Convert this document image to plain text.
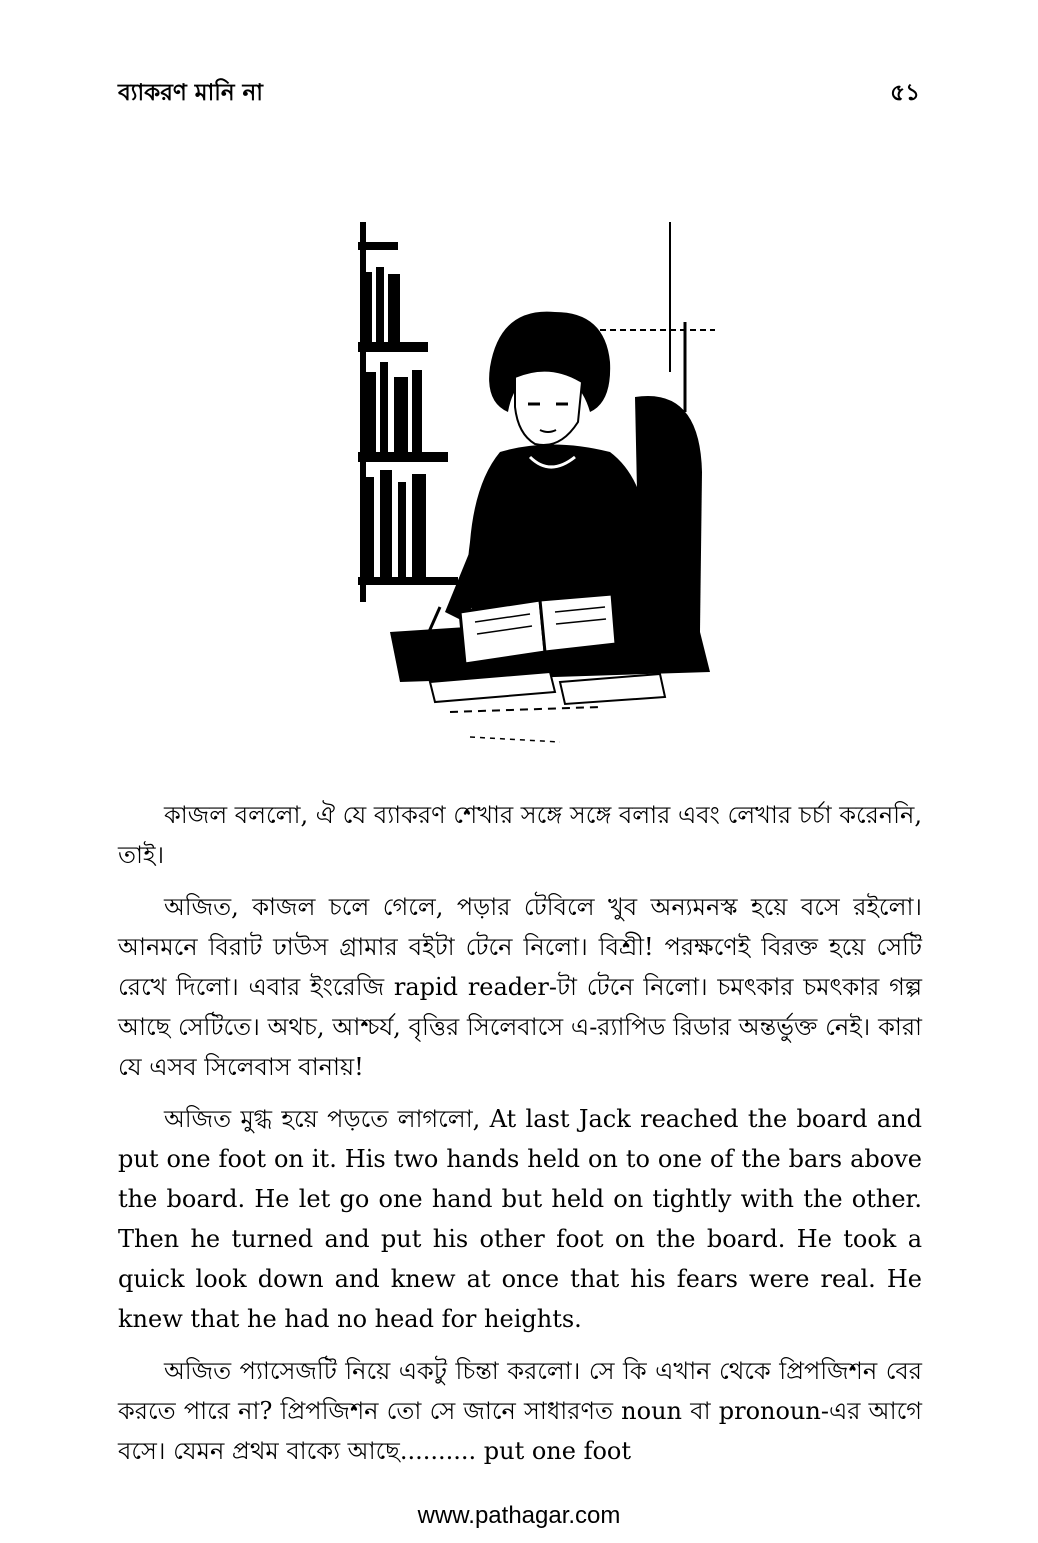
ব্যাকরণ মানি না	৫১

কাজল বললো, ঐ যে ব্যাকরণ শেখার সঙ্গে সঙ্গে বলার এবং লেখার চর্চা করেননি, তাই।

অজিত, কাজল চলে গেলে, পড়ার টেবিলে খুব অন্যমনস্ক হয়ে বসে রইলো। আনমনে বিরাট ঢাউস গ্রামার বইটা টেনে নিলো। বিশ্রী! পরক্ষণেই বিরক্ত হয়ে সেটি রেখে দিলো। এবার ইংরেজি rapid reader-টা টেনে নিলো। চমৎকার চমৎকার গল্প আছে সেটিতে। অথচ, আশ্চর্য, বৃত্তির সিলেবাসে এ-র‍্যাপিড রিডার অন্তর্ভুক্ত নেই। কারা যে এসব সিলেবাস বানায়!

অজিত মুগ্ধ হয়ে পড়তে লাগলো, At last Jack reached the board and put one foot on it. His two hands held on to one of the bars above the board. He let go one hand but held on tightly with the other. Then he turned and put his other foot on the board. He took a quick look down and knew at once that his fears were real. He knew that he had no head for heights.

অজিত প্যাসেজটি নিয়ে একটু চিন্তা করলো। সে কি এখান থেকে প্রিপজিশন বের করতে পারে না? প্রিপজিশন তো সে জানে সাধারণত noun বা pronoun-এর আগে বসে। যেমন প্রথম বাক্যে আছে.......... put one foot

www.pathagar.com
